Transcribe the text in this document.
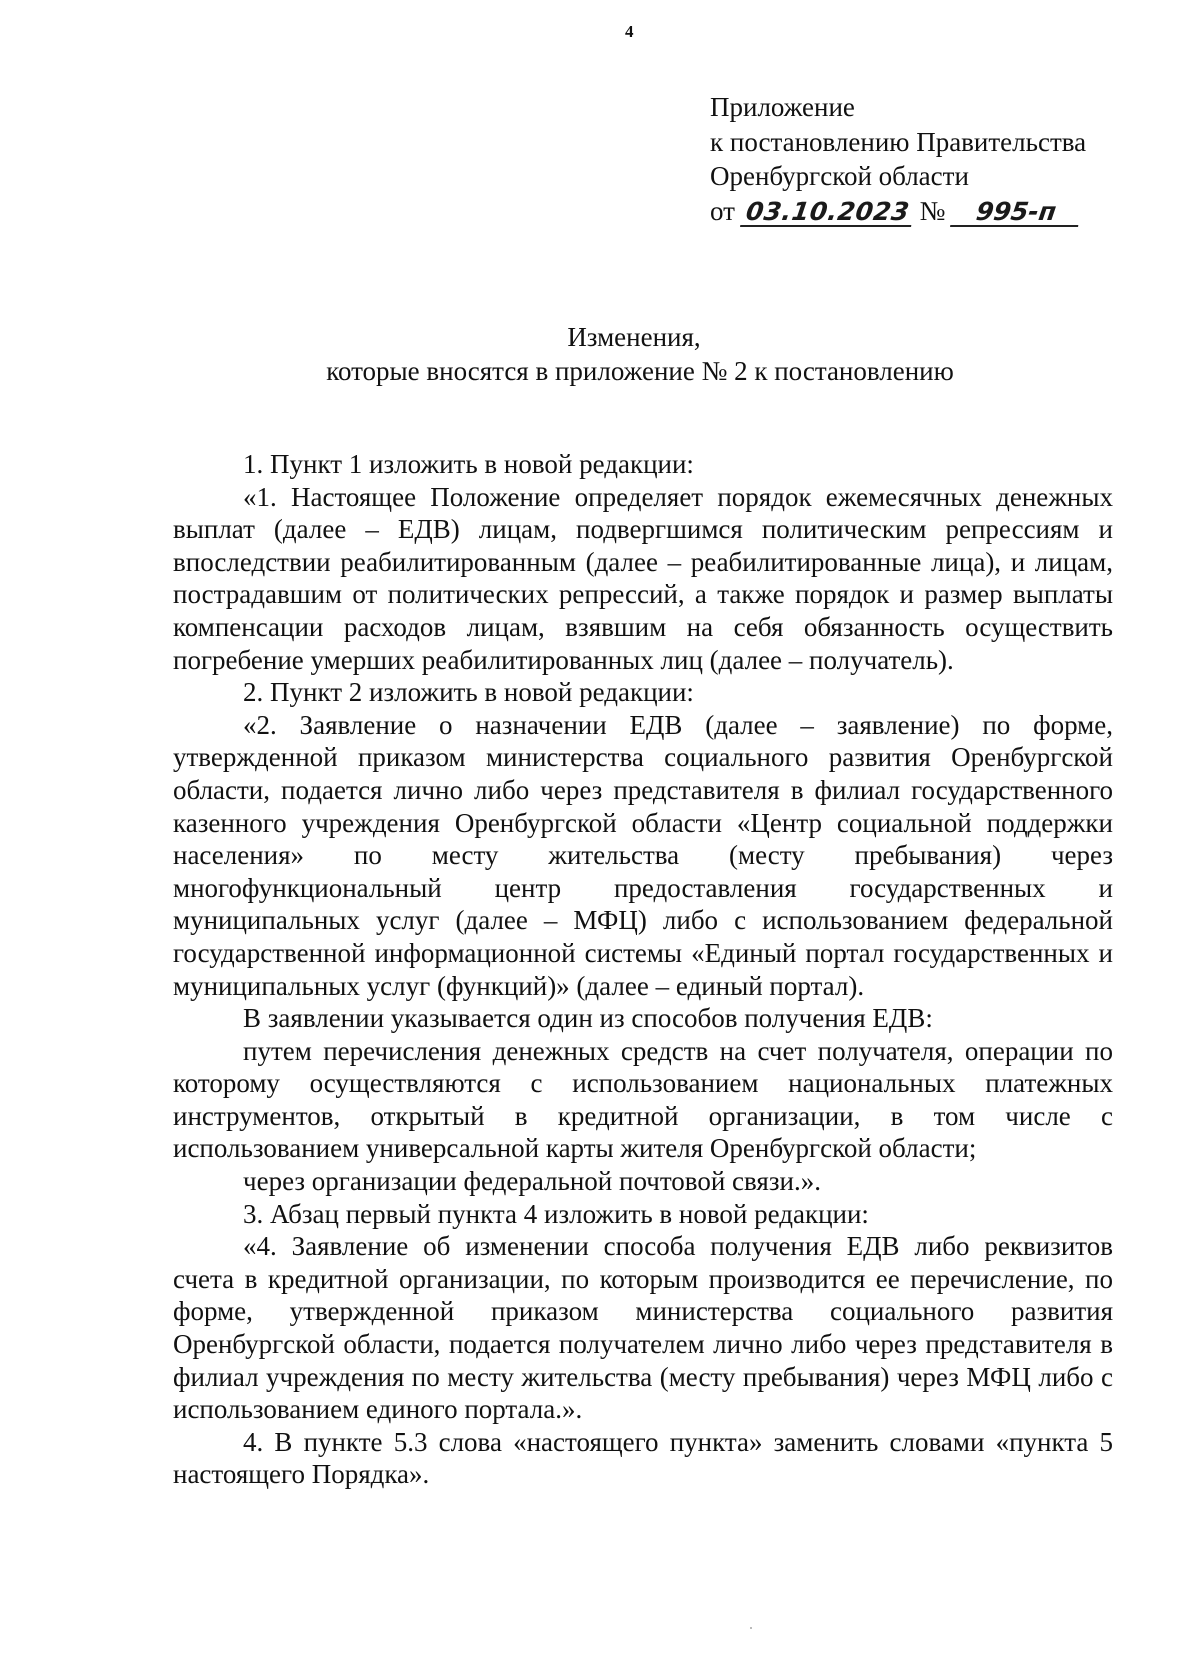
4
Приложение
к постановлению Правительства
Оренбургской области
от 03.10.2023 № 995-п
Изменения,
которые вносятся в приложение № 2 к постановлению

1. Пункт 1 изложить в новой редакции:

«1. Настоящее Положение определяет порядок ежемесячных денежных выплат (далее – ЕДВ) лицам, подвергшимся политическим репрессиям и впоследствии реабилитированным (далее – реабилитированные лица), и лицам, пострадавшим от политических репрессий, а также порядок и размер выплаты компенсации расходов лицам, взявшим на себя обязанность осуществить погребение умерших реабилитированных лиц (далее – получатель).

2. Пункт 2 изложить в новой редакции:

«2. Заявление о назначении ЕДВ (далее – заявление) по форме, утвержденной приказом министерства социального развития Оренбургской области, подается лично либо через представителя в филиал государственного казенного учреждения Оренбургской области «Центр социальной поддержки населения» по месту жительства (месту пребывания) через многофункциональный центр предоставления государственных и муниципальных услуг (далее – МФЦ) либо с использованием федеральной государственной информационной системы «Единый портал государственных и муниципальных услуг (функций)» (далее – единый портал).

В заявлении указывается один из способов получения ЕДВ:

путем перечисления денежных средств на счет получателя, операции по которому осуществляются с использованием национальных платежных инструментов, открытый в кредитной организации, в том числе с использованием универсальной карты жителя Оренбургской области;

через организации федеральной почтовой связи.».

3. Абзац первый пункта 4 изложить в новой редакции:

«4. Заявление об изменении способа получения ЕДВ либо реквизитов счета в кредитной организации, по которым производится ее перечисление, по форме, утвержденной приказом министерства социального развития Оренбургской области, подается получателем лично либо через представителя в филиал учреждения по месту жительства (месту пребывания) через МФЦ либо с использованием единого портала.».

4. В пункте 5.3 слова «настоящего пункта» заменить словами «пункта 5 настоящего Порядка».
